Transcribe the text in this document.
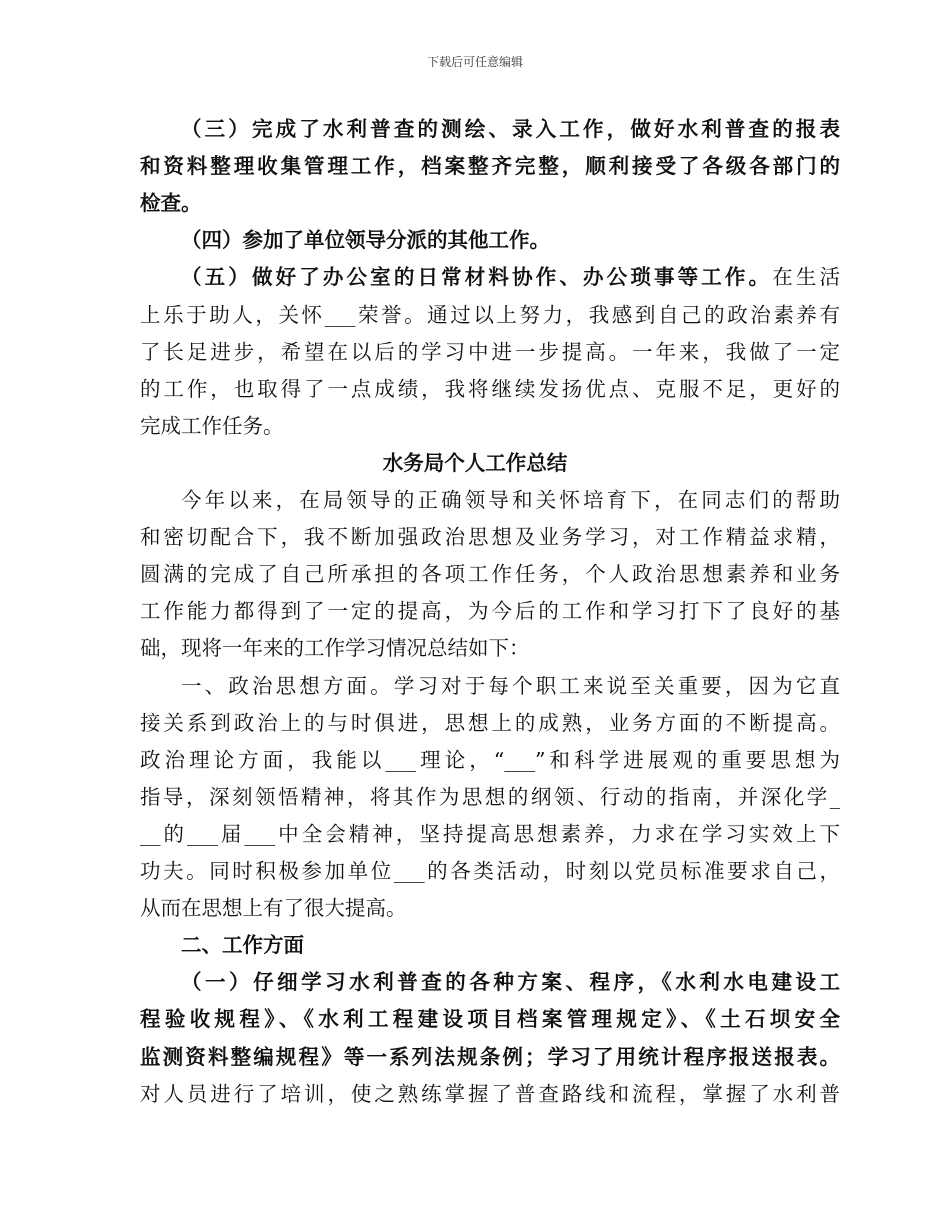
下载后可任意编辑
（三）完成了水利普查的测绘、录入工作，做好水利普查的报表
和资料整理收集管理工作，档案整齐完整，顺利接受了各级各部门的
检查。
（四）参加了单位领导分派的其他工作。
（五）做好了办公室的日常材料协作、办公琐事等工作。在生活
上乐于助人，关怀___荣誉。通过以上努力，我感到自己的政治素养有
了长足进步，希望在以后的学习中进一步提高。一年来，我做了一定
的工作，也取得了一点成绩，我将继续发扬优点、克服不足，更好的
完成工作任务。
水务局个人工作总结
今年以来，在局领导的正确领导和关怀培育下，在同志们的帮助
和密切配合下，我不断加强政治思想及业务学习，对工作精益求精，
圆满的完成了自己所承担的各项工作任务，个人政治思想素养和业务
工作能力都得到了一定的提高，为今后的工作和学习打下了良好的基
础，现将一年来的工作学习情况总结如下：
一、政治思想方面。学习对于每个职工来说至关重要，因为它直
接关系到政治上的与时俱进，思想上的成熟，业务方面的不断提高。
政治理论方面，我能以___理论，“___”和科学进展观的重要思想为
指导，深刻领悟精神，将其作为思想的纲领、行动的指南，并深化学_
__的___届___中全会精神，坚持提高思想素养，力求在学习实效上下
功夫。同时积极参加单位___的各类活动，时刻以党员标准要求自己，
从而在思想上有了很大提高。
二、工作方面
（一）仔细学习水利普查的各种方案、程序，《水利水电建设工
程验收规程》、《水利工程建设项目档案管理规定》、《土石坝安全
监测资料整编规程》等一系列法规条例；学习了用统计程序报送报表。
对人员进行了培训，使之熟练掌握了普查路线和流程，掌握了水利普
